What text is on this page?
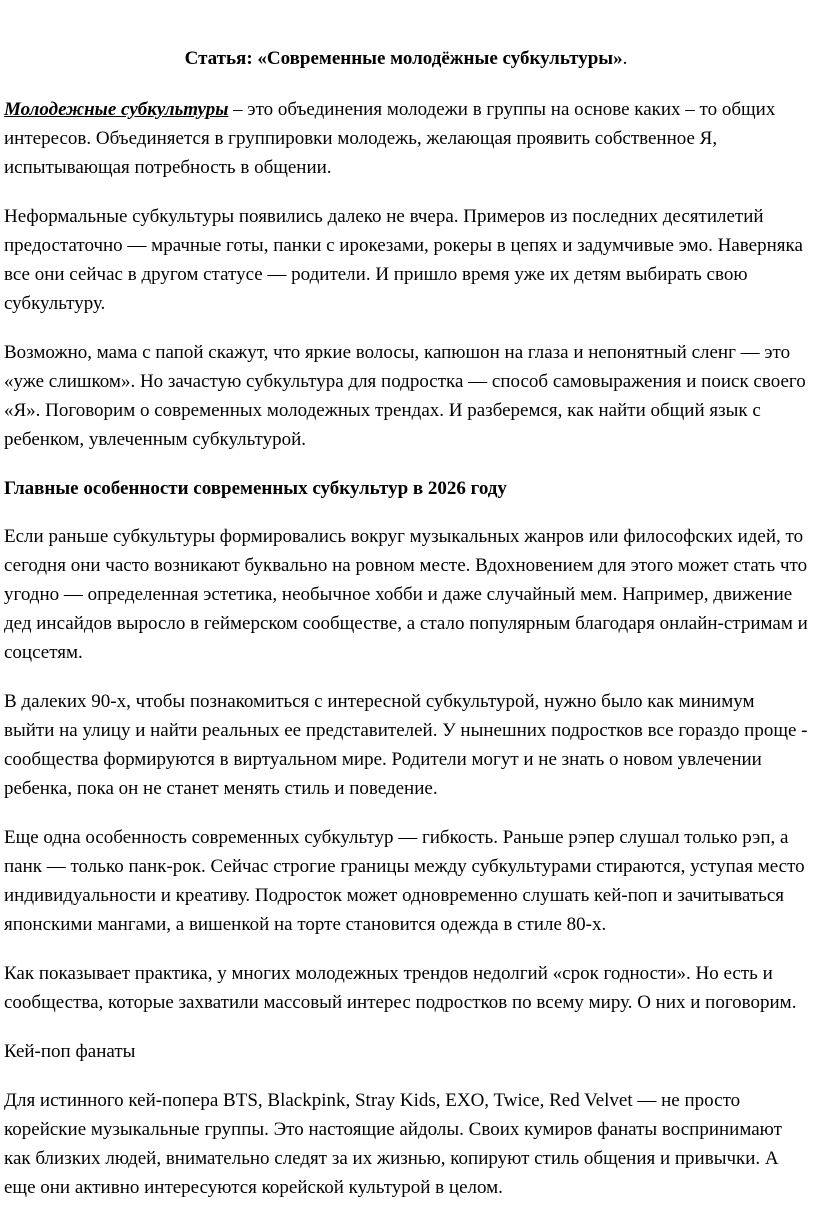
Статья: «Современные молодёжные субкультуры».

Молодежные субкультуры – это объединения молодежи в группы на основе каких – то общих интересов. Объединяется в группировки молодежь, желающая проявить собственное Я, испытывающая потребность в общении.

Неформальные субкультуры появились далеко не вчера. Примеров из последних десятилетий предостаточно — мрачные готы, панки с ирокезами, рокеры в цепях и задумчивые эмо. Наверняка все они сейчас в другом статусе — родители. И пришло время уже их детям выбирать свою субкультуру.

Возможно, мама с папой скажут, что яркие волосы, капюшон на глаза и непонятный сленг — это «уже слишком». Но зачастую субкультура для подростка — способ самовыражения и поиск своего «Я». Поговорим о современных молодежных трендах. И разберемся, как найти общий язык с ребенком, увлеченным субкультурой.

Главные особенности современных субкультур в 2026 году

Если раньше субкультуры формировались вокруг музыкальных жанров или философских идей, то сегодня они часто возникают буквально на ровном месте. Вдохновением для этого может стать что угодно — определенная эстетика, необычное хобби и даже случайный мем. Например, движение дед инсайдов выросло в геймерском сообществе, а стало популярным благодаря онлайн-стримам и соцсетям.

В далеких 90-х, чтобы познакомиться с интересной субкультурой, нужно было как минимум выйти на улицу и найти реальных ее представителей. У нынешних подростков все гораздо проще - сообщества формируются в виртуальном мире. Родители могут и не знать о новом увлечении ребенка, пока он не станет менять стиль и поведение.

Еще одна особенность современных субкультур — гибкость. Раньше рэпер слушал только рэп, а панк — только панк-рок. Сейчас строгие границы между субкультурами стираются, уступая место индивидуальности и креативу. Подросток может одновременно слушать кей-поп и зачитываться японскими мангами, а вишенкой на торте становится одежда в стиле 80-х.

Как показывает практика, у многих молодежных трендов недолгий «срок годности». Но есть и сообщества, которые захватили массовый интерес подростков по всему миру. О них и поговорим.

Кей-поп фанаты

Для истинного кей-попера BTS, Blackpink, Stray Kids, EXO, Twice, Red Velvet — не просто корейские музыкальные группы. Это настоящие айдолы. Своих кумиров фанаты воспринимают как близких людей, внимательно следят за их жизнью, копируют стиль общения и привычки. А еще они активно интересуются корейской культурой в целом.
